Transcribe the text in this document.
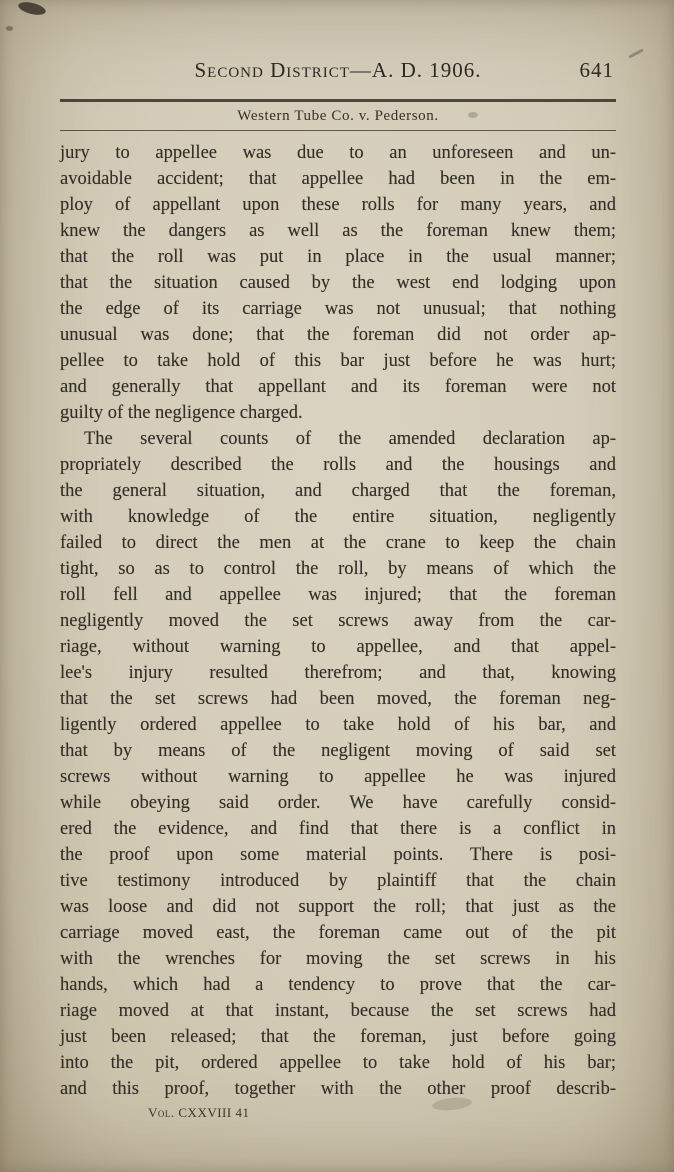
Second District—A. D. 1906.	641
Western Tube Co. v. Pederson.
jury to appellee was due to an unforeseen and un-
avoidable accident; that appellee had been in the em-
ploy of appellant upon these rolls for many years, and
knew the dangers as well as the foreman knew them;
that the roll was put in place in the usual manner;
that the situation caused by the west end lodging upon
the edge of its carriage was not unusual; that nothing
unusual was done; that the foreman did not order ap-
pellee to take hold of this bar just before he was hurt;
and generally that appellant and its foreman were not
guilty of the negligence charged.
The several counts of the amended declaration ap-
propriately described the rolls and the housings and
the general situation, and charged that the foreman,
with knowledge of the entire situation, negligently
failed to direct the men at the crane to keep the chain
tight, so as to control the roll, by means of which the
roll fell and appellee was injured; that the foreman
negligently moved the set screws away from the car-
riage, without warning to appellee, and that appel-
lee's injury resulted therefrom; and that, knowing
that the set screws had been moved, the foreman neg-
ligently ordered appellee to take hold of his bar, and
that by means of the negligent moving of said set
screws without warning to appellee he was injured
while obeying said order. We have carefully consid-
ered the evidence, and find that there is a conflict in
the proof upon some material points. There is posi-
tive testimony introduced by plaintiff that the chain
was loose and did not support the roll; that just as the
carriage moved east, the foreman came out of the pit
with the wrenches for moving the set screws in his
hands, which had a tendency to prove that the car-
riage moved at that instant, because the set screws had
just been released; that the foreman, just before going
into the pit, ordered appellee to take hold of his bar;
and this proof, together with the other proof describ-
Vol. CXXVIII 41
